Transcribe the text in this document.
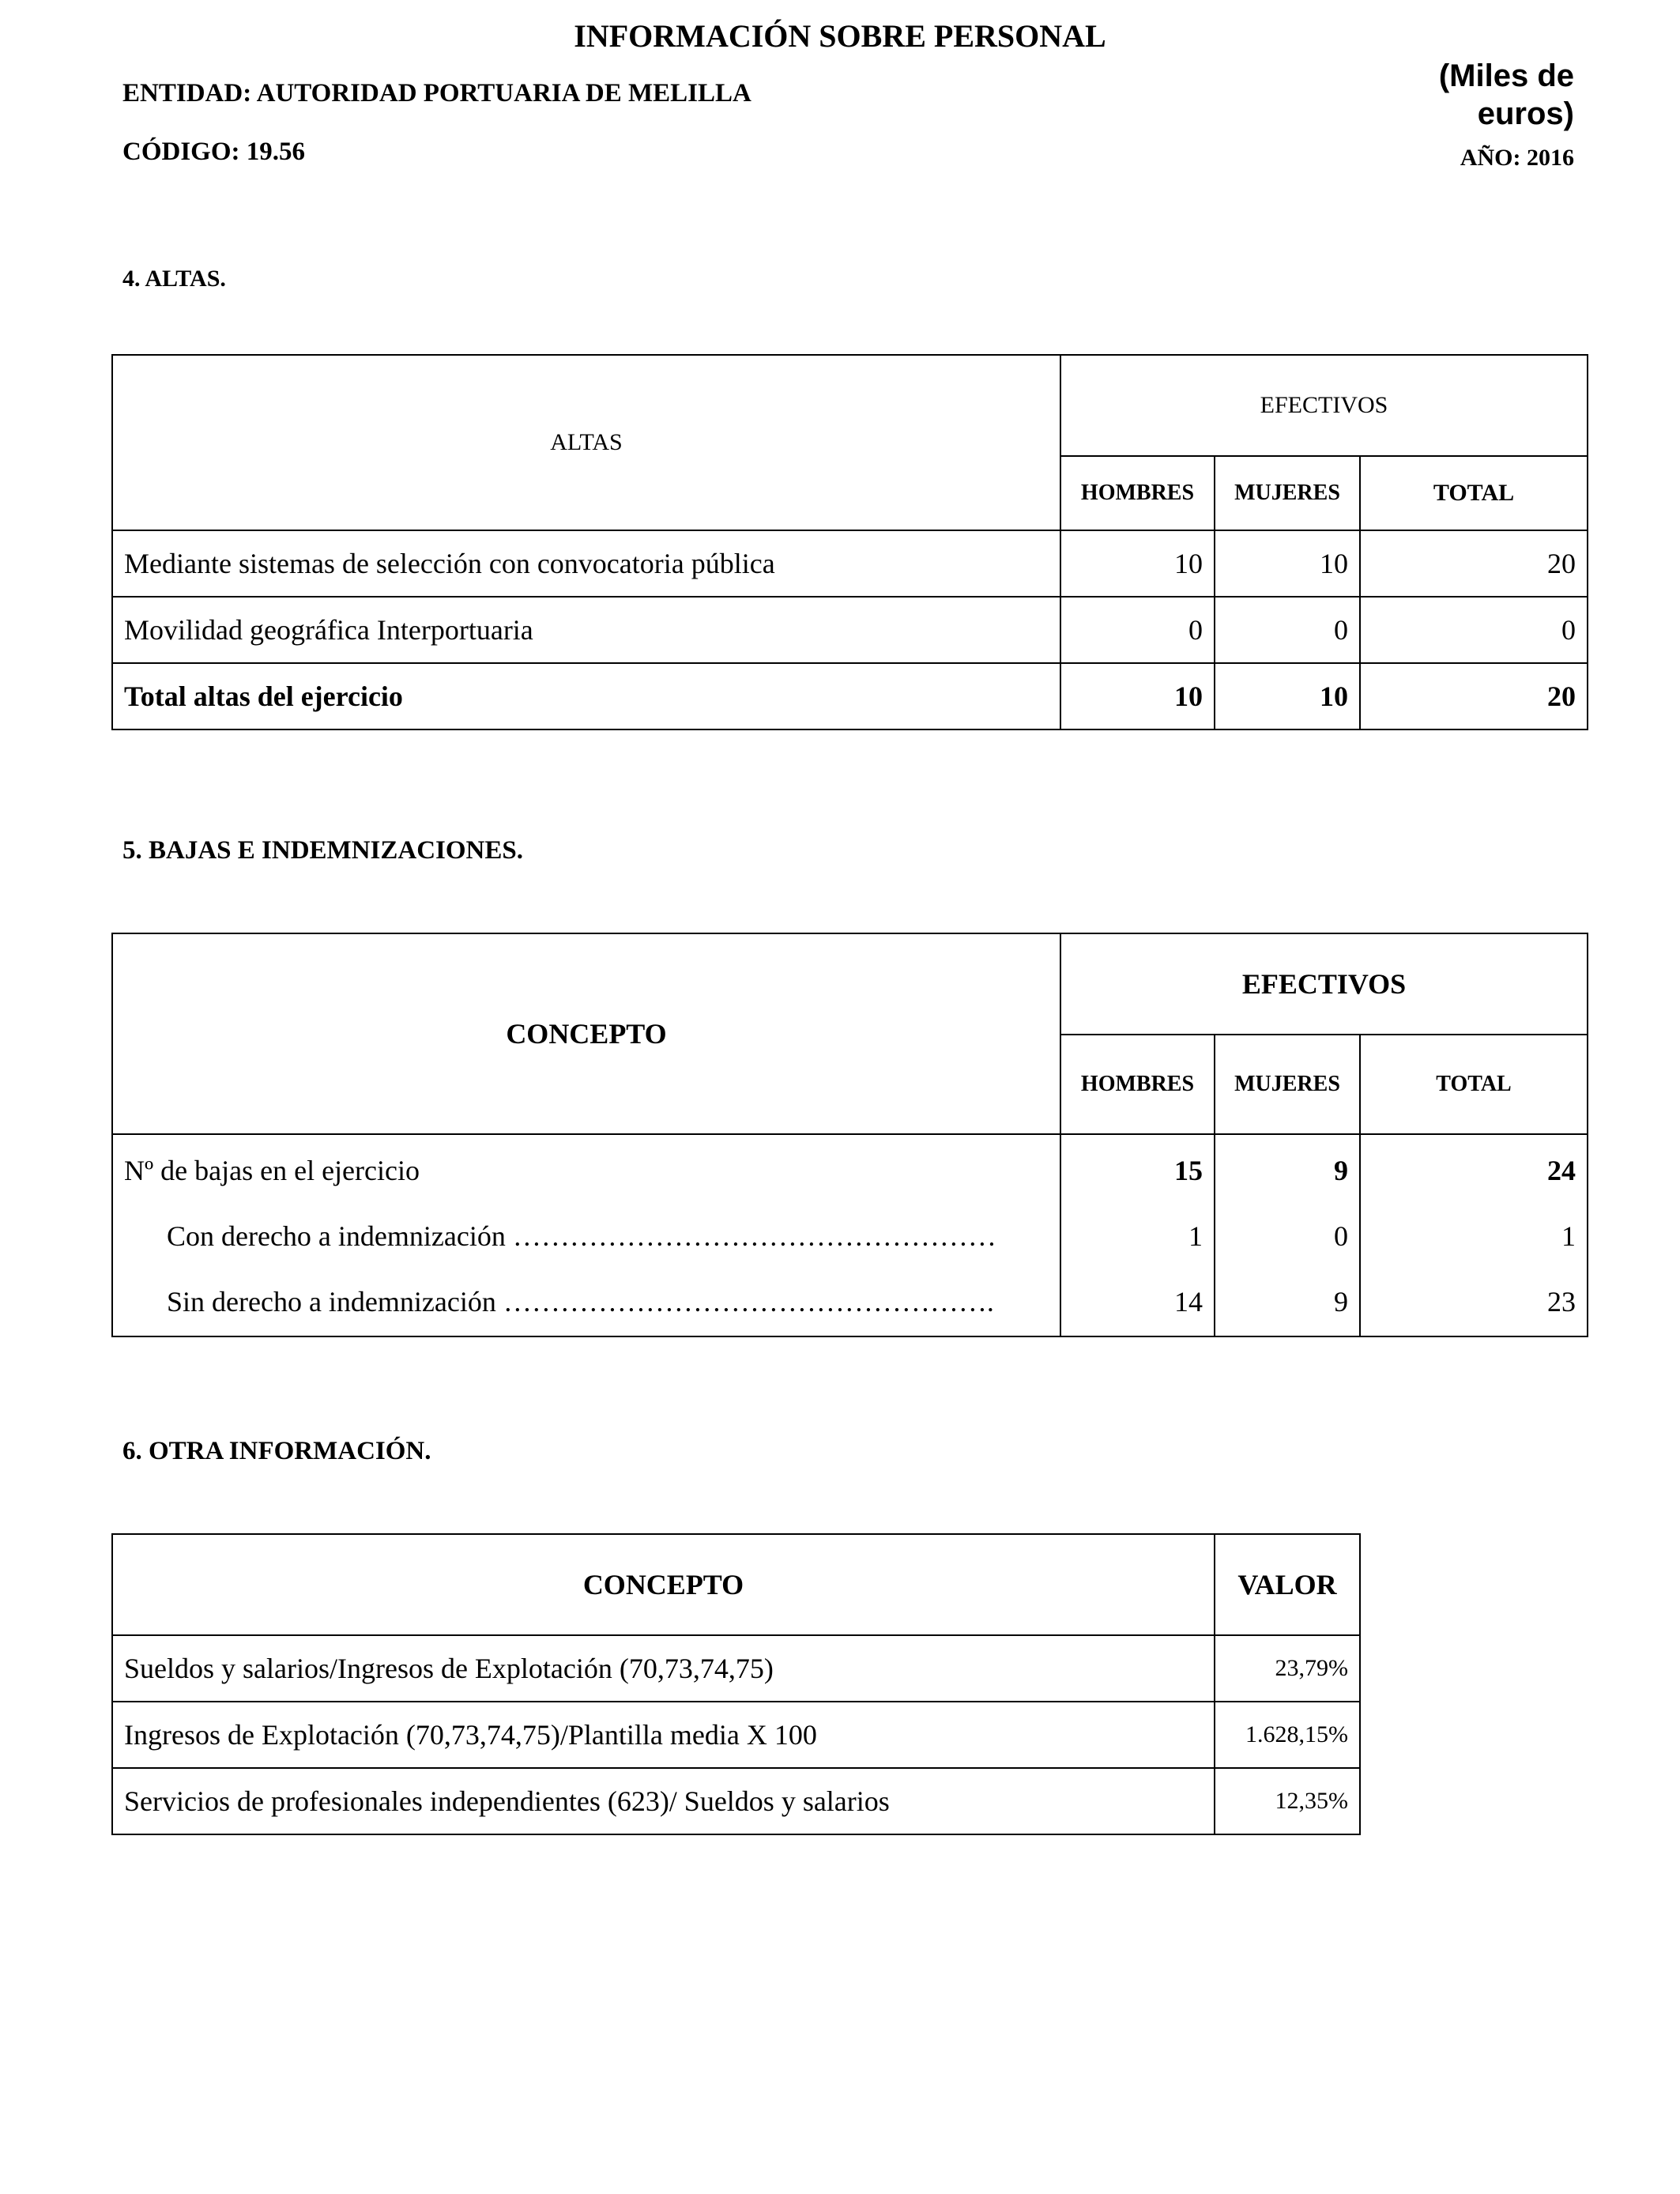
INFORMACIÓN SOBRE PERSONAL
ENTIDAD: AUTORIDAD PORTUARIA DE MELILLA
CÓDIGO: 19.56
(Miles de
euros)
AÑO: 2016
4. ALTAS.
ALTAS	EFECTIVOS		
	HOMBRES	MUJERES	TOTAL
Mediante sistemas de selección con convocatoria pública	10	10	20
Movilidad geográfica Interportuaria	0	0	0
Total altas del ejercicio	10	10	20
5. BAJAS E INDEMNIZACIONES.
CONCEPTO	EFECTIVOS		
	HOMBRES	MUJERES	TOTAL
Nº de bajas en el ejercicio	15	9	24
Con derecho a indemnización ……………………………………………	1	0	1
Sin derecho a indemnización …………………………………………….	14	9	23
6. OTRA INFORMACIÓN.
CONCEPTO	VALOR
Sueldos y salarios/Ingresos de Explotación (70,73,74,75)	23,79%
Ingresos de Explotación (70,73,74,75)/Plantilla media X 100	1.628,15%
Servicios de profesionales independientes (623)/ Sueldos y salarios	12,35%
